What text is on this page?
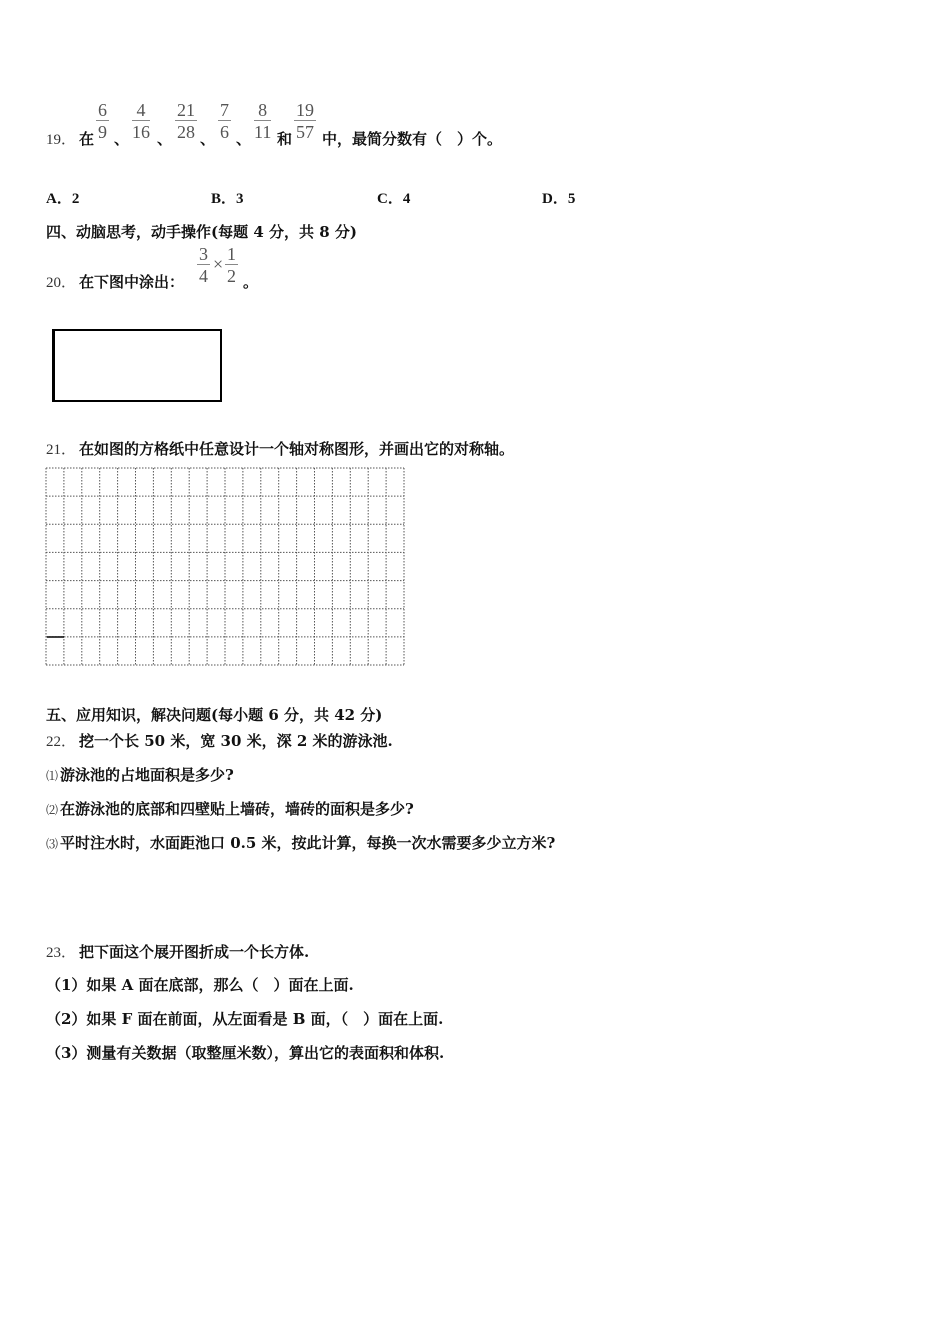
19． 在 $\frac{6}{9}$ 、 $\frac{4}{16}$ 、 $\frac{21}{28}$ 、 $\frac{7}{6}$ 、 $\frac{8}{11}$ 和 $\frac{19}{57}$ 中，最简分数有（　）个。
A．2	B．3	C．4	D．5
四、动脑思考，动手操作(每题 4 分，共 8 分)
20． 在下图中涂出： $\frac{3}{4} \times \frac{1}{2}$ 。
21． 在如图的方格纸中任意设计一个轴对称图形，并画出它的对称轴。
五、应用知识，解决问题(每小题 6 分，共 42 分)
22． 挖一个长 50 米，宽 30 米，深 2 米的游泳池.
⑴ 游泳池的占地面积是多少?
⑵ 在游泳池的底部和四壁贴上墙砖，墙砖的面积是多少?
⑶ 平时注水时，水面距池口 0.5 米，按此计算，每换一次水需要多少立方米?
23． 把下面这个展开图折成一个长方体.
（1）如果 A 面在底部，那么（　）面在上面.
（2）如果 F 面在前面，从左面看是 B 面，（　）面在上面.
（3）测量有关数据（取整厘米数），算出它的表面积和体积.
